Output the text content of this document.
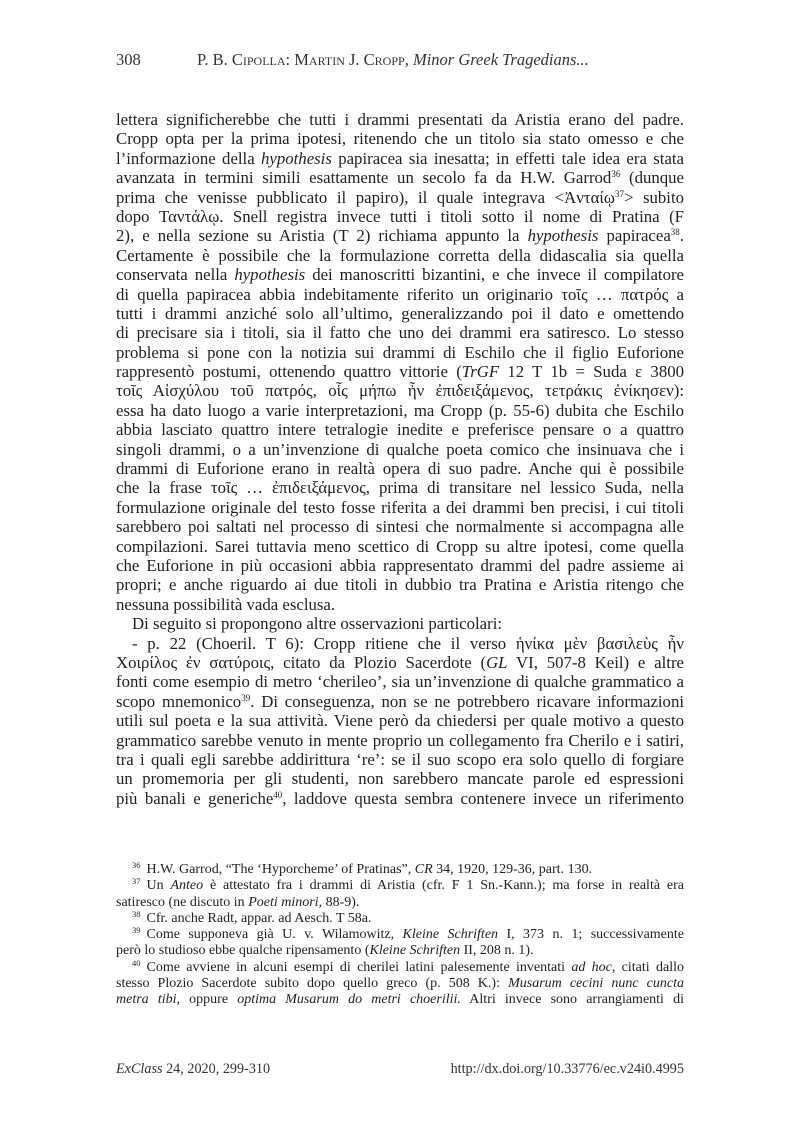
308	P. B. Cipolla: Martin J. Cropp, Minor Greek Tragedians...
lettera significherebbe che tutti i drammi presentati da Aristia erano del padre.
Cropp opta per la prima ipotesi, ritenendo che un titolo sia stato omesso e che
l’informazione della hypothesis papiracea sia inesatta; in effetti tale idea era stata
avanzata in termini simili esattamente un secolo fa da H.W. Garrod$^{36}$ (dunque
prima che venisse pubblicato il papiro), il quale integrava <Ἀνταίῳ$^{37}$> subito
dopo Ταντάλῳ. Snell registra invece tutti i titoli sotto il nome di Pratina (F
2), e nella sezione su Aristia (T 2) richiama appunto la hypothesis papiracea$^{38}$.
Certamente è possibile che la formulazione corretta della didascalia sia quella
conservata nella hypothesis dei manoscritti bizantini, e che invece il compilatore
di quella papiracea abbia indebitamente riferito un originario τοῖς … πατρός a
tutti i drammi anziché solo all’ultimo, generalizzando poi il dato e omettendo
di precisare sia i titoli, sia il fatto che uno dei drammi era satiresco. Lo stesso
problema si pone con la notizia sui drammi di Eschilo che il figlio Euforione
rappresentò postumi, ottenendo quattro vittorie (TrGF 12 T 1b = Suda ε 3800
τοῖς Αἰσχύλου τοῦ πατρός, οἷς μήπω ἦν ἐπιδειξάμενος, τετράκις ἐνίκησεν):
essa ha dato luogo a varie interpretazioni, ma Cropp (p. 55-6) dubita che Eschilo
abbia lasciato quattro intere tetralogie inedite e preferisce pensare o a quattro
singoli drammi, o a un’invenzione di qualche poeta comico che insinuava che i
drammi di Euforione erano in realtà opera di suo padre. Anche qui è possibile
che la frase τοῖς … ἐπιδειξάμενος, prima di transitare nel lessico Suda, nella
formulazione originale del testo fosse riferita a dei drammi ben precisi, i cui titoli
sarebbero poi saltati nel processo di sintesi che normalmente si accompagna alle
compilazioni. Sarei tuttavia meno scettico di Cropp su altre ipotesi, come quella
che Euforione in più occasioni abbia rappresentato drammi del padre assieme ai
propri; e anche riguardo ai due titoli in dubbio tra Pratina e Aristia ritengo che
nessuna possibilità vada esclusa.
Di seguito si propongono altre osservazioni particolari:
- p. 22 (Choeril. T 6): Cropp ritiene che il verso ἡνίκα μὲν βασιλεὺς ἦν
Χοιρίλος ἐν σατύροις, citato da Plozio Sacerdote (GL VI, 507-8 Keil) e altre
fonti come esempio di metro ‘cherileo’, sia un’invenzione di qualche grammatico a
scopo mnemonico$^{39}$. Di conseguenza, non se ne potrebbero ricavare informazioni
utili sul poeta e la sua attività. Viene però da chiedersi per quale motivo a questo
grammatico sarebbe venuto in mente proprio un collegamento fra Cherilo e i satiri,
tra i quali egli sarebbe addirittura ‘re’: se il suo scopo era solo quello di forgiare
un promemoria per gli studenti, non sarebbero mancate parole ed espressioni
più banali e generiche$^{40}$, laddove questa sembra contenere invece un riferimento
$^{36}$ H.W. Garrod, “The ‘Hyporcheme’ of Pratinas”, CR 34, 1920, 129-36, part. 130.
$^{37}$ Un Anteo è attestato fra i drammi di Aristia (cfr. F 1 Sn.-Kann.); ma forse in realtà era
satiresco (ne discuto in Poeti minori, 88-9).
$^{38}$ Cfr. anche Radt, appar. ad Aesch. T 58a.
$^{39}$ Come supponeva già U. v. Wilamowitz, Kleine Schriften I, 373 n. 1; successivamente
però lo studioso ebbe qualche ripensamento (Kleine Schriften II, 208 n. 1).
$^{40}$ Come avviene in alcuni esempi di cherilei latini palesemente inventati ad hoc, citati dallo
stesso Plozio Sacerdote subito dopo quello greco (p. 508 K.): Musarum cecini nunc cuncta
metra tibi, oppure optima Musarum do metri choerilii. Altri invece sono arrangiamenti di
ExClass 24, 2020, 299-310	http://dx.doi.org/10.33776/ec.v24i0.4995
